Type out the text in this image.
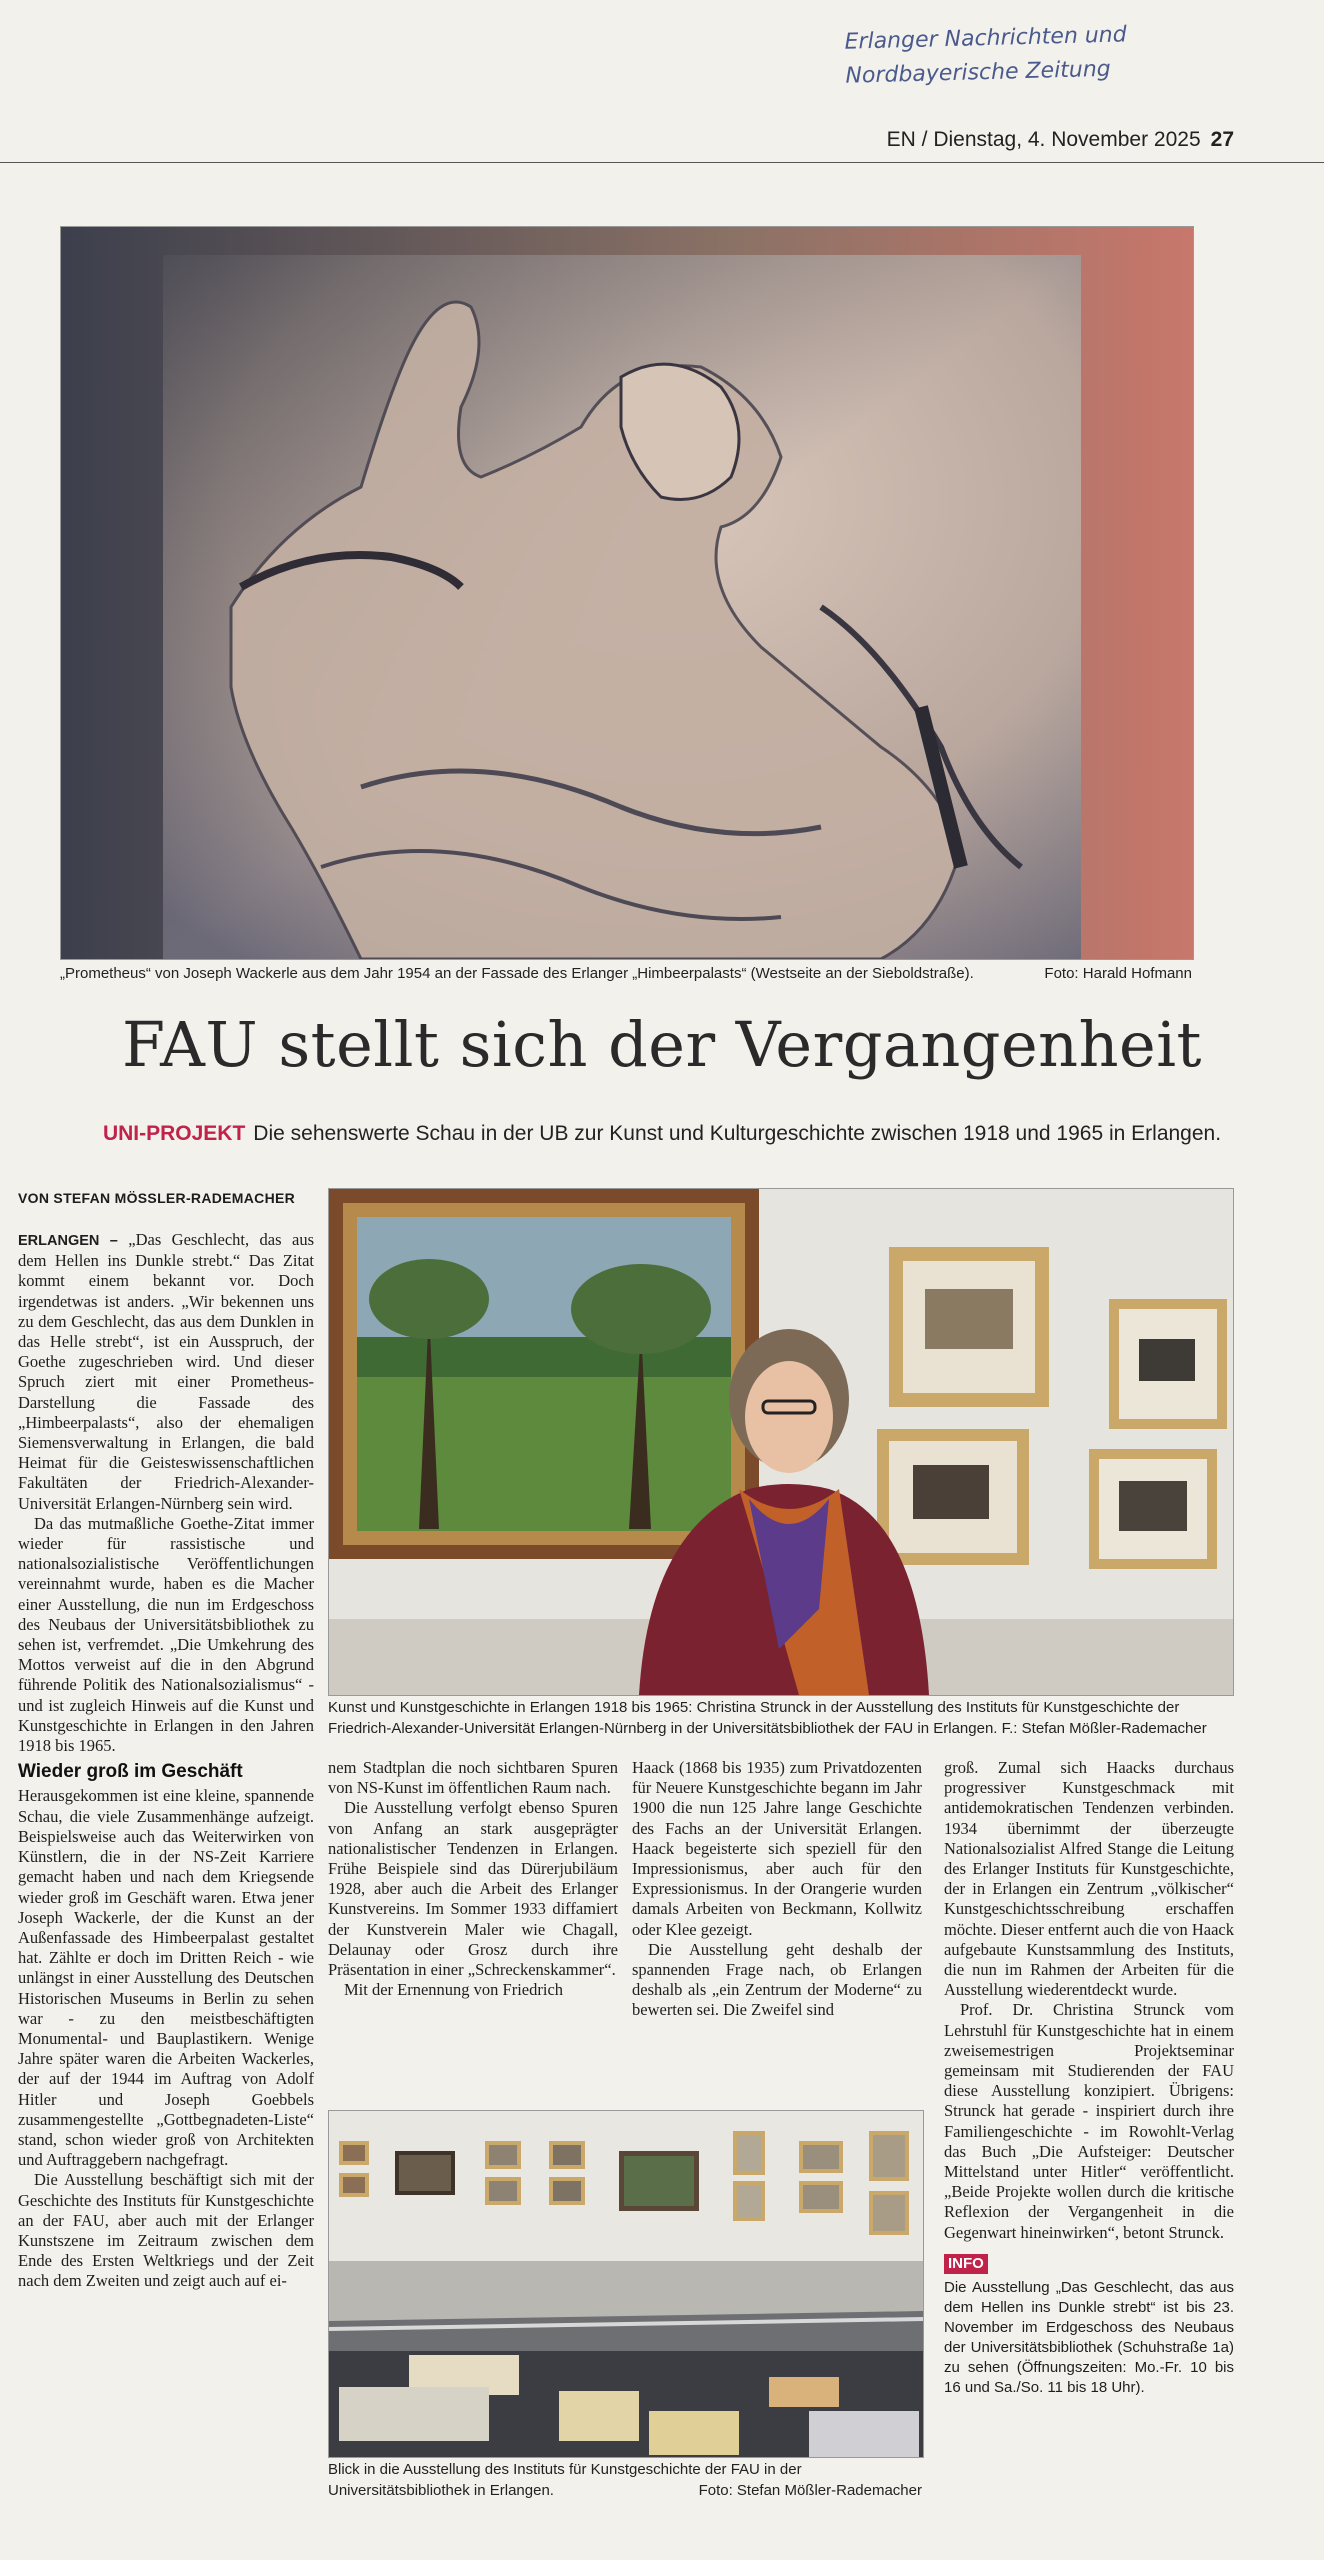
Erlanger Nachrichten und
Nordbayerische Zeitung
EN / Dienstag, 4. November 2025 27
„Prometheus“ von Joseph Wackerle aus dem Jahr 1954 an der Fassade des Erlanger „Himbeerpalasts“ (Westseite an der Sieboldstraße).	Foto: Harald Hofmann
FAU stellt sich der Vergangenheit
UNI-PROJEKT Die sehenswerte Schau in der UB zur Kunst und Kulturgeschichte zwischen 1918 und 1965 in Erlangen.
VON STEFAN MÖSSLER-RADEMACHER
Kunst und Kunstgeschichte in Erlangen 1918 bis 1965: Christina Strunck in der Ausstellung des Instituts für Kunstgeschichte der Friedrich-Alexander-Universität Erlangen-Nürnberg in der Universitätsbibliothek der FAU in Erlangen. F.: Stefan Mößler-Rademacher

ERLANGEN – „Das Geschlecht, das aus dem Hellen ins Dunkle strebt.“ Das Zitat kommt einem bekannt vor. Doch irgendetwas ist anders. „Wir bekennen uns zu dem Geschlecht, das aus dem Dunklen in das Helle strebt“, ist ein Ausspruch, der Goethe zugeschrieben wird. Und dieser Spruch ziert mit einer Prometheus-Darstellung die Fassade des „Himbeerpalasts“, also der ehemaligen Siemensverwaltung in Erlangen, die bald Heimat für die Geisteswissenschaftlichen Fakultäten der Friedrich-Alexander-Universität Erlangen-Nürnberg sein wird.

Da das mutmaßliche Goethe-Zitat immer wieder für rassistische und nationalsozialistische Veröffentlichungen vereinnahmt wurde, haben es die Macher einer Ausstellung, die nun im Erdgeschoss des Neubaus der Universitätsbibliothek zu sehen ist, verfremdet. „Die Umkehrung des Mottos verweist auf die in den Abgrund führende Politik des Nationalsozialismus“ - und ist zugleich Hinweis auf die Kunst und Kunstgeschichte in Erlangen in den Jahren 1918 bis 1965.

Wieder groß im Geschäft

Herausgekommen ist eine kleine, spannende Schau, die viele Zusammenhänge aufzeigt. Beispielsweise auch das Weiterwirken von Künstlern, die in der NS-Zeit Karriere gemacht haben und nach dem Kriegsende wieder groß im Geschäft waren. Etwa jener Joseph Wackerle, der die Kunst an der Außenfassade des Himbeerpalast gestaltet hat. Zählte er doch im Dritten Reich - wie unlängst in einer Ausstellung des Deutschen Historischen Museums in Berlin zu sehen war - zu den meistbeschäftigten Monumental- und Bauplastikern. Wenige Jahre später waren die Arbeiten Wackerles, der auf der 1944 im Auftrag von Adolf Hitler und Joseph Goebbels zusammengestellte „Gottbegnadeten-Liste“ stand, schon wieder groß von Architekten und Auftraggebern nachgefragt.

Die Ausstellung beschäftigt sich mit der Geschichte des Instituts für Kunstgeschichte an der FAU, aber auch mit der Erlanger Kunstszene im Zeitraum zwischen dem Ende des Ersten Weltkriegs und der Zeit nach dem Zweiten und zeigt auch auf ei-

nem Stadtplan die noch sichtbaren Spuren von NS-Kunst im öffentlichen Raum nach.

Die Ausstellung verfolgt ebenso Spuren von Anfang an stark ausgeprägter nationalistischer Tendenzen in Erlangen. Frühe Beispiele sind das Dürerjubiläum 1928, aber auch die Arbeit des Erlanger Kunstvereins. Im Sommer 1933 diffamiert der Kunstverein Maler wie Chagall, Delaunay oder Grosz durch ihre Präsentation in einer „Schreckenskammer“.

Mit der Ernennung von Friedrich

Haack (1868 bis 1935) zum Privatdozenten für Neuere Kunstgeschichte begann im Jahr 1900 die nun 125 Jahre lange Geschichte des Fachs an der Universität Erlangen. Haack begeisterte sich speziell für den Impressionismus, aber auch für den Expressionismus. In der Orangerie wurden damals Arbeiten von Beckmann, Kollwitz oder Klee gezeigt.

Die Ausstellung geht deshalb der spannenden Frage nach, ob Erlangen deshalb als „ein Zentrum der Moderne“ zu bewerten sei. Die Zweifel sind

groß. Zumal sich Haacks durchaus progressiver Kunstgeschmack mit antidemokratischen Tendenzen verbinden. 1934 übernimmt der überzeugte Nationalsozialist Alfred Stange die Leitung des Erlanger Instituts für Kunstgeschichte, der in Erlangen ein Zentrum „völkischer“ Kunstgeschichtsschreibung erschaffen möchte. Dieser entfernt auch die von Haack aufgebaute Kunstsammlung des Instituts, die nun im Rahmen der Arbeiten für die Ausstellung wiederentdeckt wurde.

Prof. Dr. Christina Strunck vom Lehrstuhl für Kunstgeschichte hat in einem zweisemestrigen Projektseminar gemeinsam mit Studierenden der FAU diese Ausstellung konzipiert. Übrigens: Strunck hat gerade - inspiriert durch ihre Familiengeschichte - im Rowohlt-Verlag das Buch „Die Aufsteiger: Deutscher Mittelstand unter Hitler“ veröffentlicht. „Beide Projekte wollen durch die kritische Reflexion der Vergangenheit in die Gegenwart hineinwirken“, betont Strunck.

INFO
Die Ausstellung „Das Geschlecht, das aus dem Hellen ins Dunkle strebt“ ist bis 23. November im Erdgeschoss des Neubaus der Universitätsbibliothek (Schuhstraße 1a) zu sehen (Öffnungszeiten: Mo.-Fr. 10 bis 16 und Sa./So. 11 bis 18 Uhr).
Blick in die Ausstellung des Instituts für Kunstgeschichte der FAU in der Universitätsbibliothek in Erlangen.	Foto: Stefan Mößler-Rademacher
